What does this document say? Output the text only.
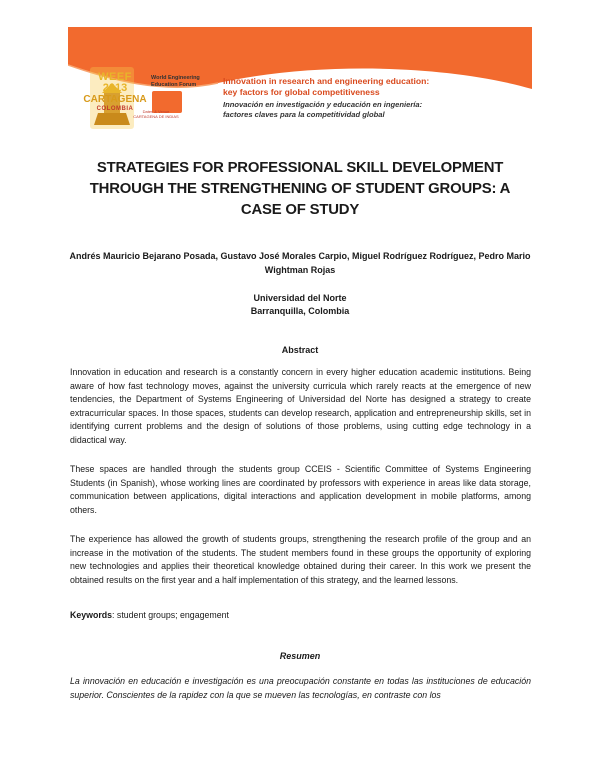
WEEF
2013
CARTAGENA
COLOMBIA
World Engineering
Education Forum
Dates & Venue
CARTAGENA DE INDIAS
Innovation in research and engineering education:
key factors for global competitiveness
Innovación en investigación y educación en ingeniería:
factores claves para la competitividad global
STRATEGIES FOR PROFESSIONAL SKILL DEVELOPMENT THROUGH THE STRENGTHENING OF STUDENT GROUPS: A CASE OF STUDY
Andrés Mauricio Bejarano Posada, Gustavo José Morales Carpio, Miguel Rodríguez Rodríguez, Pedro Mario Wightman Rojas
Universidad del Norte
Barranquilla, Colombia
Abstract

Innovation in education and research is a constantly concern in every higher education academic institutions. Being aware of how fast technology moves, against the university curricula which rarely reacts at the emergence of new tendencies, the Department of Systems Engineering of Universidad del Norte has designed a strategy to create extracurricular spaces. In those spaces, students can develop research, application and entrepreneurship skills, set in identifying current problems and the design of solutions of those problems, using cutting edge technology in a didactical way.

These spaces are handled through the students group CCEIS - Scientific Committee of Systems Engineering Students (in Spanish), whose working lines are coordinated by professors with experience in areas like data storage, communication between applications, digital interactions and application development in mobile platforms, among others.

The experience has allowed the growth of students groups, strengthening the research profile of the group and an increase in the motivation of the students. The student members found in these groups the opportunity of exploring new technologies and applies their theoretical knowledge obtained during their career. In this work we present the obtained results on the first year and a half implementation of this strategy, and the learned lessons.

Keywords: student groups; engagement
Resumen

La innovación en educación e investigación es una preocupación constante en todas las instituciones de educación superior. Conscientes de la rapidez con la que se mueven las tecnologías, en contraste con los
